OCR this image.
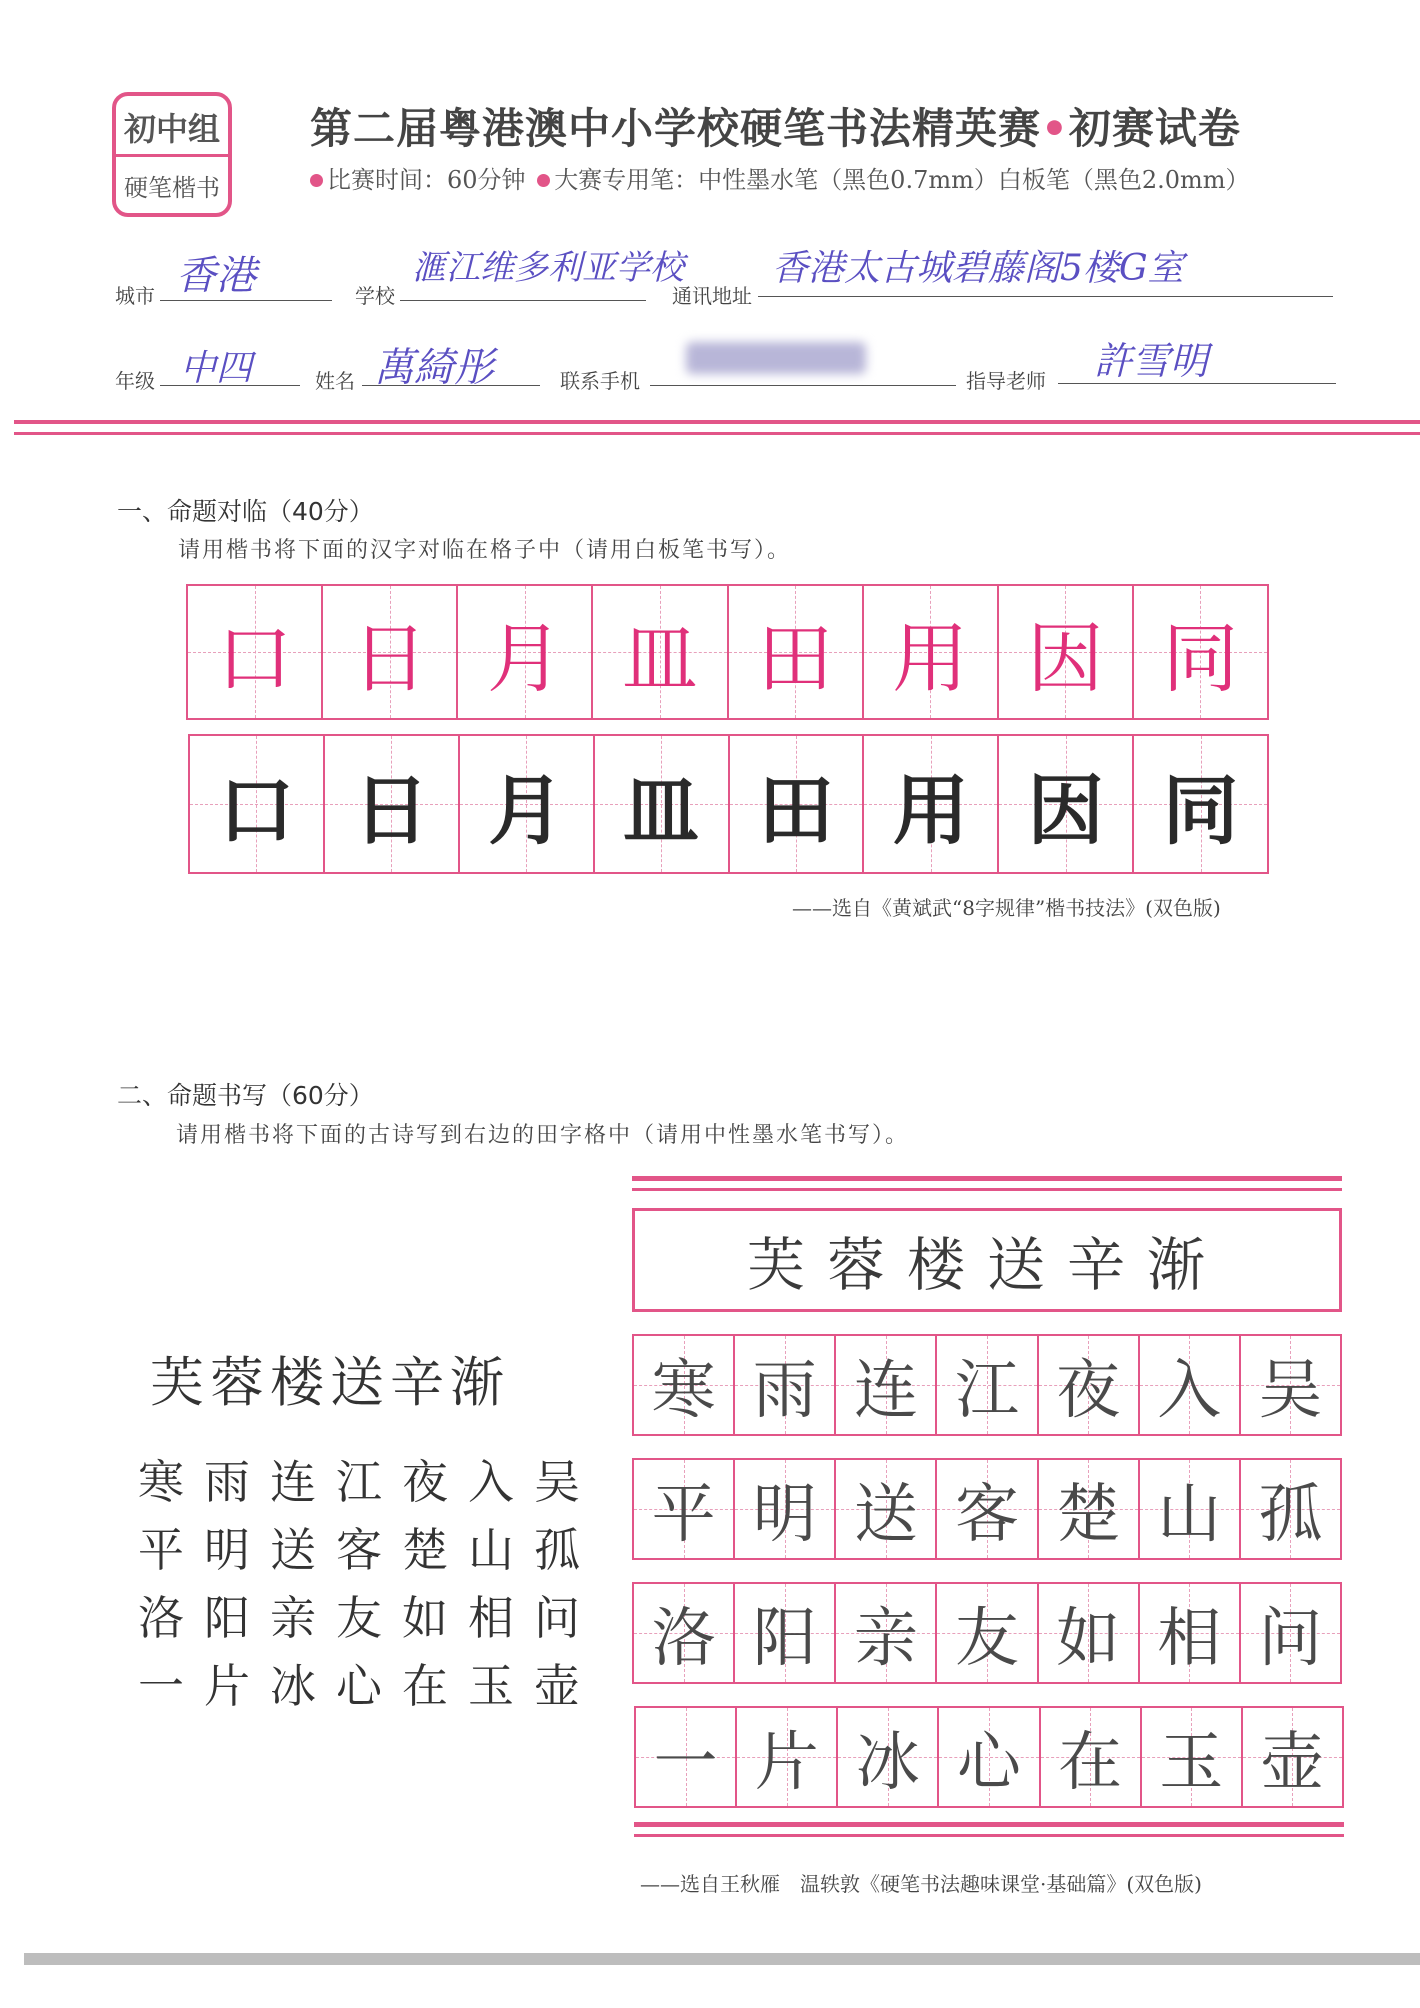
初中组
硬笔楷书
第二届粤港澳中小学校硬笔书法精英赛•初赛试卷
比赛时间：60分钟 大赛专用笔：中性墨水笔（黑色0.7mm）白板笔（黑色2.0mm）
城市 香港	学校
滙江维多利亚学校
通讯地址
香港太古城碧藤阁5楼G室
年级 中四	姓名 萬綺彤	联系手机	指导老师 許雪明
一、命题对临（40分）
请用楷书将下面的汉字对临在格子中（请用白板笔书写）。
口 日 月 皿 田 用 因 同
口 日 月 皿 田 用 因 同
——选自《黄斌武“8字规律”楷书技法》(双色版)
二、命题书写（60分）
请用楷书将下面的古诗写到右边的田字格中（请用中性墨水笔书写）。
芙蓉楼送辛渐
寒雨连江夜入吴
平明送客楚山孤
洛阳亲友如相问
一片冰心在玉壶
芙蓉楼送辛渐
寒 雨 连 江 夜 入 吴
平 明 送 客 楚 山 孤
洛 阳 亲 友 如 相 问
一 片 冰 心 在 玉 壶
——选自王秋雁　温轶敦《硬笔书法趣味课堂·基础篇》(双色版)
